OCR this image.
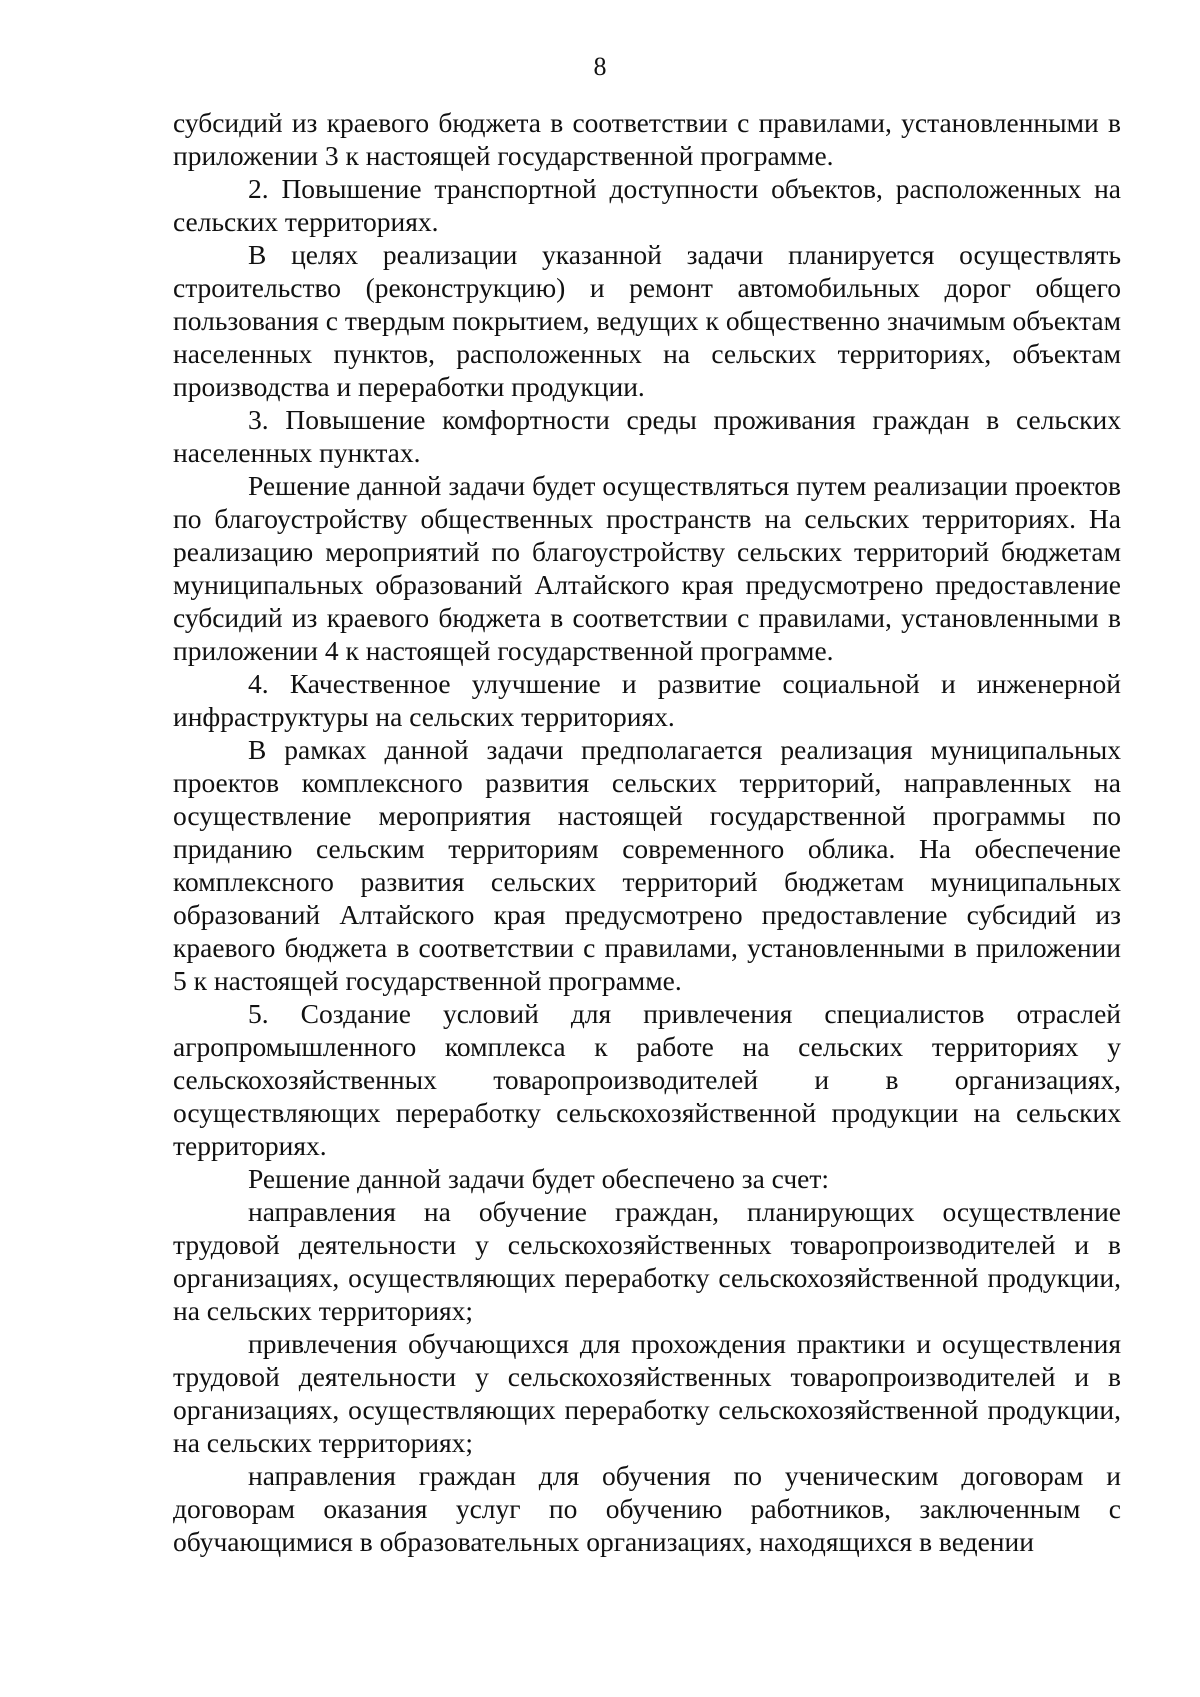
8

субсидий из краевого бюджета в соответствии с правилами, установленными в приложении 3 к настоящей государственной программе.

2. Повышение транспортной доступности объектов, расположенных на сельских территориях.

В целях реализации указанной задачи планируется осуществлять строительство (реконструкцию) и ремонт автомобильных дорог общего пользования с твердым покрытием, ведущих к общественно значимым объектам населенных пунктов, расположенных на сельских территориях, объектам производства и переработки продукции.

3. Повышение комфортности среды проживания граждан в сельских населенных пунктах.

Решение данной задачи будет осуществляться путем реализации проектов по благоустройству общественных пространств на сельских территориях. На реализацию мероприятий по благоустройству сельских территорий бюджетам муниципальных образований Алтайского края предусмотрено предоставление субсидий из краевого бюджета в соответствии с правилами, установленными в приложении 4 к настоящей государственной программе.

4. Качественное улучшение и развитие социальной и инженерной инфраструктуры на сельских территориях.

В рамках данной задачи предполагается реализация муниципальных проектов комплексного развития сельских территорий, направленных на осуществление мероприятия настоящей государственной программы по приданию сельским территориям современного облика. На обеспечение комплексного развития сельских территорий бюджетам муниципальных образований Алтайского края предусмотрено предоставление субсидий из краевого бюджета в соответствии с правилами, установленными в приложении 5 к настоящей государственной программе.

5. Создание условий для привлечения специалистов отраслей агропромышленного комплекса к работе на сельских территориях у сельскохозяйственных товаропроизводителей и в организациях, осуществляющих переработку сельскохозяйственной продукции на сельских территориях.

Решение данной задачи будет обеспечено за счет:

направления на обучение граждан, планирующих осуществление трудовой деятельности у сельскохозяйственных товаропроизводителей и в организациях, осуществляющих переработку сельскохозяйственной продукции, на сельских территориях;

привлечения обучающихся для прохождения практики и осуществления трудовой деятельности у сельскохозяйственных товаропроизводителей и в организациях, осуществляющих переработку сельскохозяйственной продукции, на сельских территориях;

направления граждан для обучения по ученическим договорам и договорам оказания услуг по обучению работников, заключенным с обучающимися в образовательных организациях, находящихся в ведении
